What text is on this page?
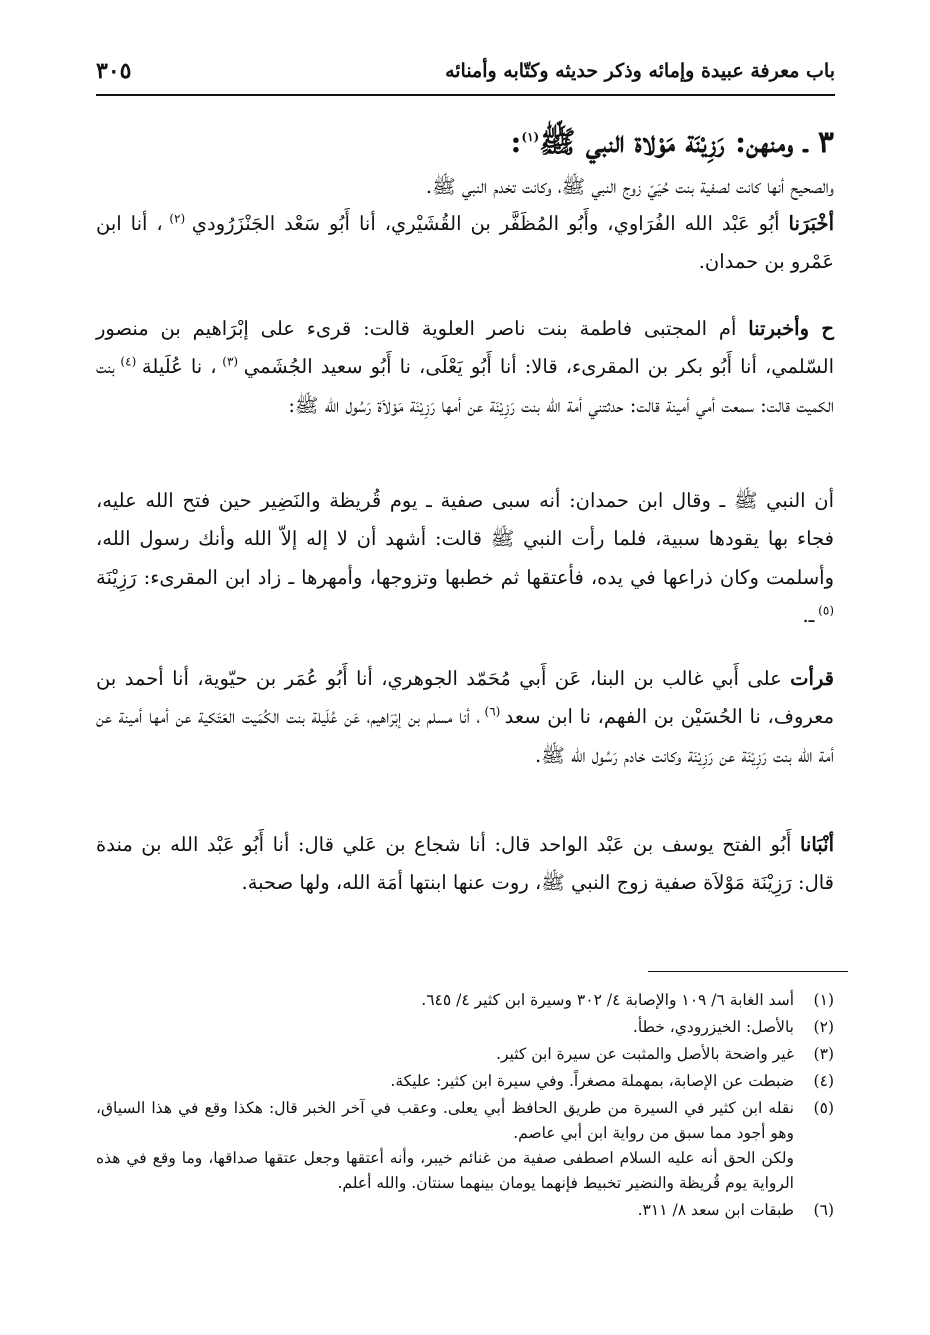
باب معرفة عبيدة وإمائه وذكر حديثه وكتّابه وأمنائه
٣٠٥
٣ ـ ومنهن: رَزِيْنَة مَوْلاة النبي ﷺ$^{(١)}$:

والصحيح أنها كانت لصفية بنت حُيَيّ زوج النبي ﷺ، وكانت تخدم النبي ﷺ.

أخْبَرَنا أبُو عَبْد الله الفُرَاوي، وأَبُو المُظَفَّر بن القُشَيْري، أنا أَبُو سَعْد الجَنْزَرُودي $^{(٢)}$ ، أنا ابن عَمْرو بن حمدان.

ح وأخبرتنا أم المجتبى فاطمة بنت ناصر العلوية قالت: قرىء على إبْرَاهيم بن منصور السّلمي، أنا أَبُو بكر بن المقرىء، قالا: أنا أَبُو يَعْلَى، نا أَبُو سعيد الجُشَمي $^{(٣)}$ ، نا عُلَيلة $^{(٤)}$ بنت الكميت قالت: سمعت أمي أمينة قالت: حدثتني أمة الله بنت رَزِيْنَة عن أمها رَزِيْنَة مَوْلاَة رَسُول الله ﷺ:

أن النبي ﷺ ـ وقال ابن حمدان: أنه سبى صفية ـ يوم قُريظة والنَضِير حين فتح الله عليه، فجاء بها يقودها سبية، فلما رأت النبي ﷺ قالت: أشهد أن لا إله إلاّ الله وأنك رسول الله، وأسلمت وكان ذراعها في يده، فأعتقها ثم خطبها وتزوجها، وأمهرها ـ زاد ابن المقرىء: رَزِيْنَة $^{(٥)}$ ـ.

قرأت على أَبي غالب بن البنا، عَن أَبي مُحَمّد الجوهري، أنا أَبُو عُمَر بن حيّوية، أنا أحمد بن معروف، نا الحُسَيْن بن الفهم، نا ابن سعد $^{(٦)}$ ، أنا مسلم بن إبْرَاهيم، عَن عُلَيلة بنت الكُمَيت العَتَكية عن أمها أمينة عن أمة الله بنت رَزِيْنَة عن رَزِيْنَة وكانت خادم رَسُول الله ﷺ.

أنْبَانا أَبُو الفتح يوسف بن عَبْد الواحد قال: أنا شجاع بن عَلي قال: أنا أَبُو عَبْد الله بن مندة قال: رَزِيْنَة مَوْلاَة صفية زوج النبي ﷺ، روت عنها ابنتها أمَة الله، ولها صحبة.

(١)
أسد الغابة ٦/ ١٠٩ والإصابة ٤/ ٣٠٢ وسيرة ابن كثير ٤/ ٦٤٥.
(٢)
بالأصل: الخيزرودي، خطأ.
(٣)
غير واضحة بالأصل والمثبت عن سيرة ابن كثير.
(٤)
ضبطت عن الإصابة، بمهملة مصغراً. وفي سيرة ابن كثير: عليكة.
(٥)
نقله ابن كثير في السيرة من طريق الحافظ أبي يعلى. وعقب في آخر الخبر قال: هكذا وقع في هذا السياق، وهو أجود مما سبق من رواية ابن أبي عاصم.
ولكن الحق أنه عليه السلام اصطفى صفية من غنائم خيبر، وأنه أعتقها وجعل عتقها صداقها، وما وقع في هذه الرواية يوم قُريظة والنضير تخبيط فإنهما يومان بينهما سنتان. والله أعلم.
(٦)
طبقات ابن سعد ٨/ ٣١١.
